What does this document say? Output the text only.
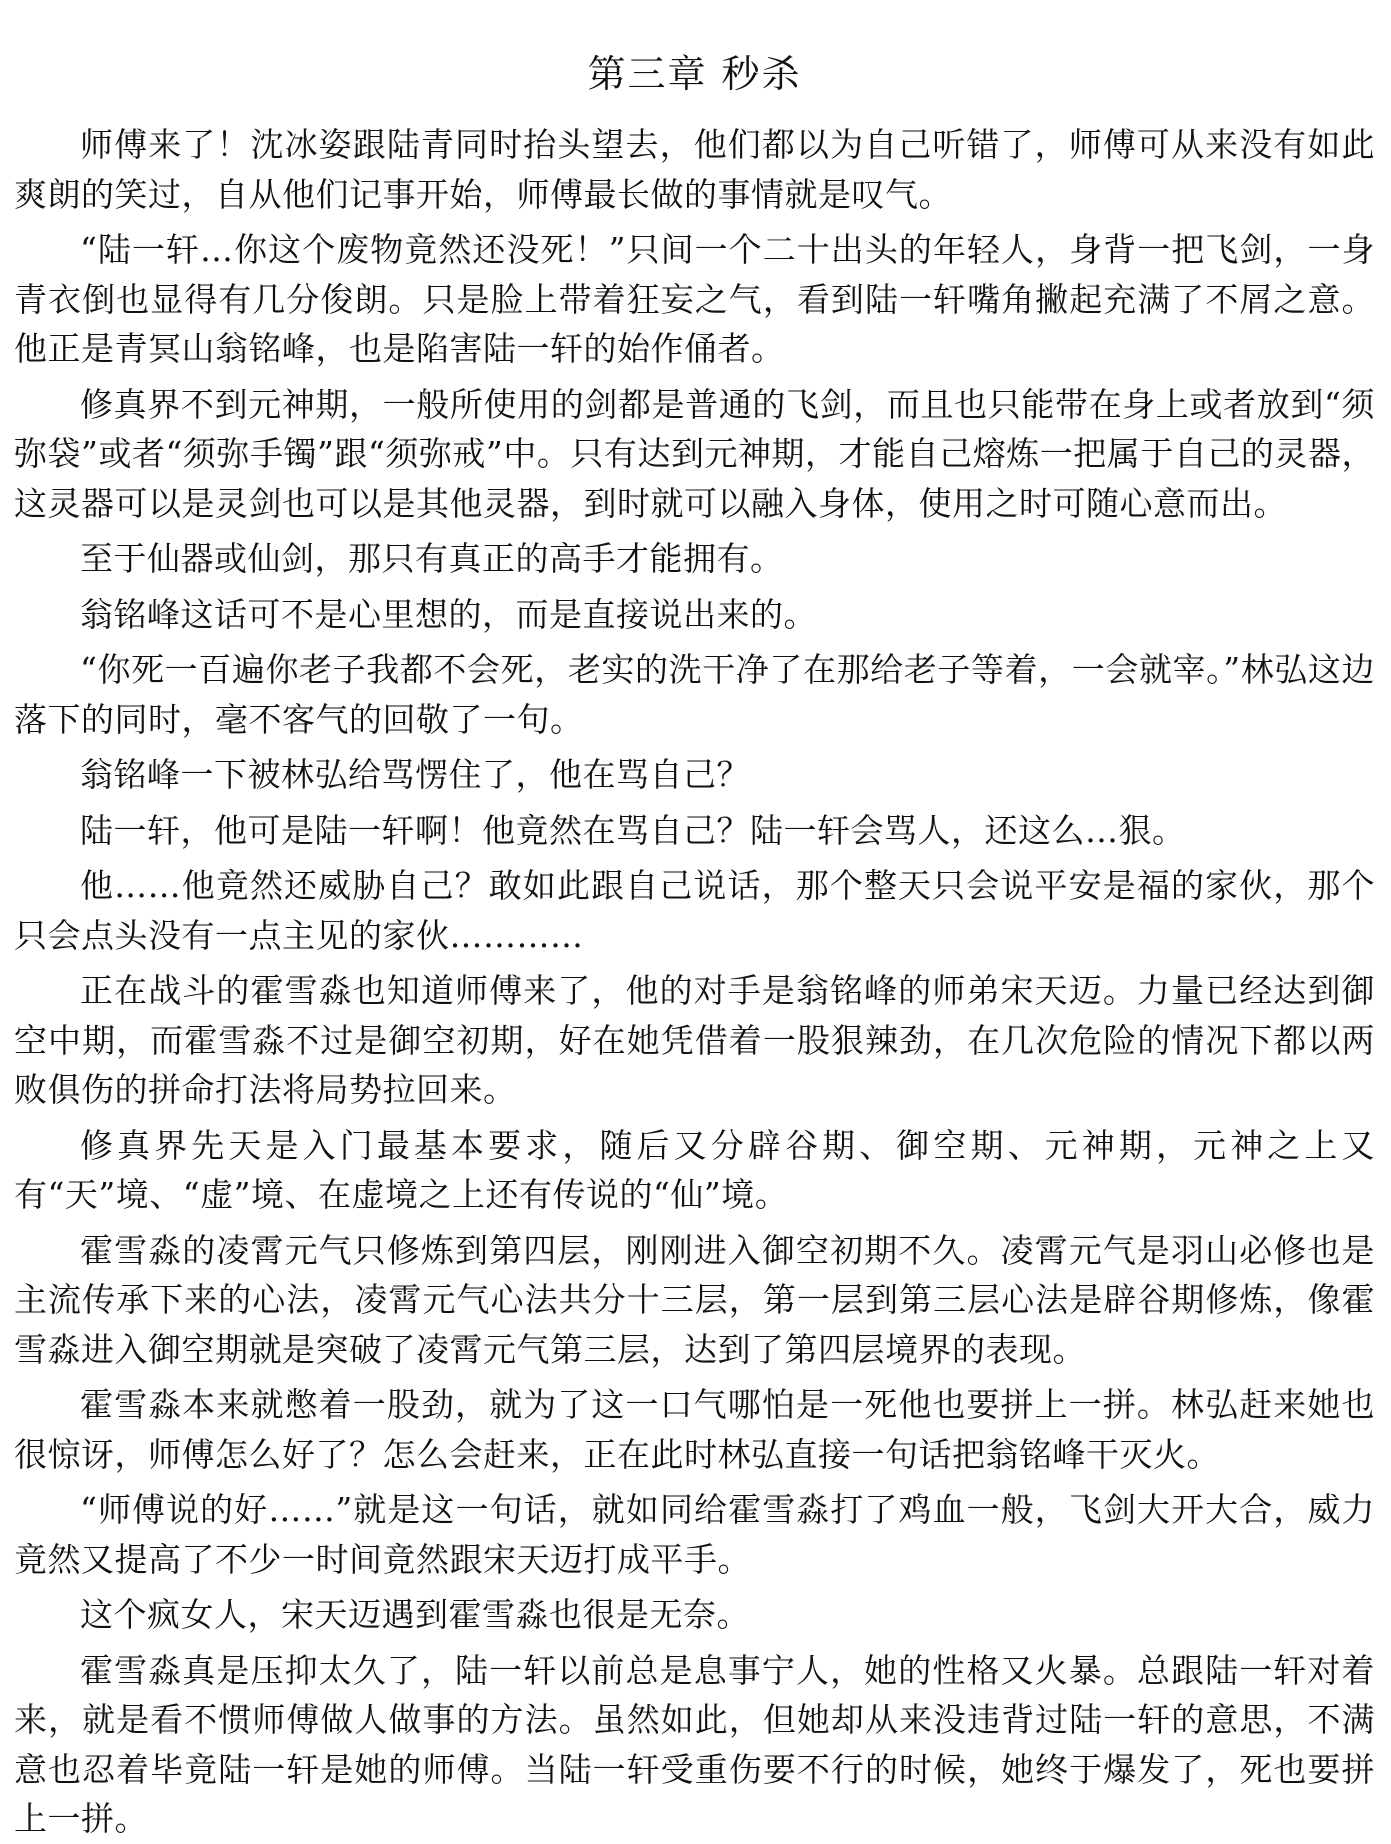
第三章 秒杀

师傅来了！沈冰姿跟陆青同时抬头望去，他们都以为自己听错了，师傅可从来没有如此爽朗的笑过，自从他们记事开始，师傅最长做的事情就是叹气。

“陆一轩…你这个废物竟然还没死！”只间一个二十出头的年轻人，身背一把飞剑，一身青衣倒也显得有几分俊朗。只是脸上带着狂妄之气，看到陆一轩嘴角撇起充满了不屑之意。他正是青冥山翁铭峰，也是陷害陆一轩的始作俑者。

修真界不到元神期，一般所使用的剑都是普通的飞剑，而且也只能带在身上或者放到“须弥袋”或者“须弥手镯”跟“须弥戒”中。只有达到元神期，才能自己熔炼一把属于自己的灵器，这灵器可以是灵剑也可以是其他灵器，到时就可以融入身体，使用之时可随心意而出。

至于仙器或仙剑，那只有真正的高手才能拥有。

翁铭峰这话可不是心里想的，而是直接说出来的。

“你死一百遍你老子我都不会死，老实的洗干净了在那给老子等着，一会就宰。”林弘这边落下的同时，毫不客气的回敬了一句。

翁铭峰一下被林弘给骂愣住了，他在骂自己？

陆一轩，他可是陆一轩啊！他竟然在骂自己？陆一轩会骂人，还这么…狠。

他……他竟然还威胁自己？敢如此跟自己说话，那个整天只会说平安是福的家伙，那个只会点头没有一点主见的家伙…………

正在战斗的霍雪淼也知道师傅来了，他的对手是翁铭峰的师弟宋天迈。力量已经达到御空中期，而霍雪淼不过是御空初期，好在她凭借着一股狠辣劲，在几次危险的情况下都以两败俱伤的拼命打法将局势拉回来。

修真界先天是入门最基本要求，随后又分辟谷期、御空期、元神期，元神之上又有“天”境、“虚”境、在虚境之上还有传说的“仙”境。

霍雪淼的凌霄元气只修炼到第四层，刚刚进入御空初期不久。凌霄元气是羽山必修也是主流传承下来的心法，凌霄元气心法共分十三层，第一层到第三层心法是辟谷期修炼，像霍雪淼进入御空期就是突破了凌霄元气第三层，达到了第四层境界的表现。

霍雪淼本来就憋着一股劲，就为了这一口气哪怕是一死他也要拼上一拼。林弘赶来她也很惊讶，师傅怎么好了？怎么会赶来，正在此时林弘直接一句话把翁铭峰干灭火。

“师傅说的好……”就是这一句话，就如同给霍雪淼打了鸡血一般，飞剑大开大合，威力竟然又提高了不少一时间竟然跟宋天迈打成平手。

这个疯女人，宋天迈遇到霍雪淼也很是无奈。

霍雪淼真是压抑太久了，陆一轩以前总是息事宁人，她的性格又火暴。总跟陆一轩对着来，就是看不惯师傅做人做事的方法。虽然如此，但她却从来没违背过陆一轩的意思，不满意也忍着毕竟陆一轩是她的师傅。当陆一轩受重伤要不行的时候，她终于爆发了，死也要拼上一拼。
